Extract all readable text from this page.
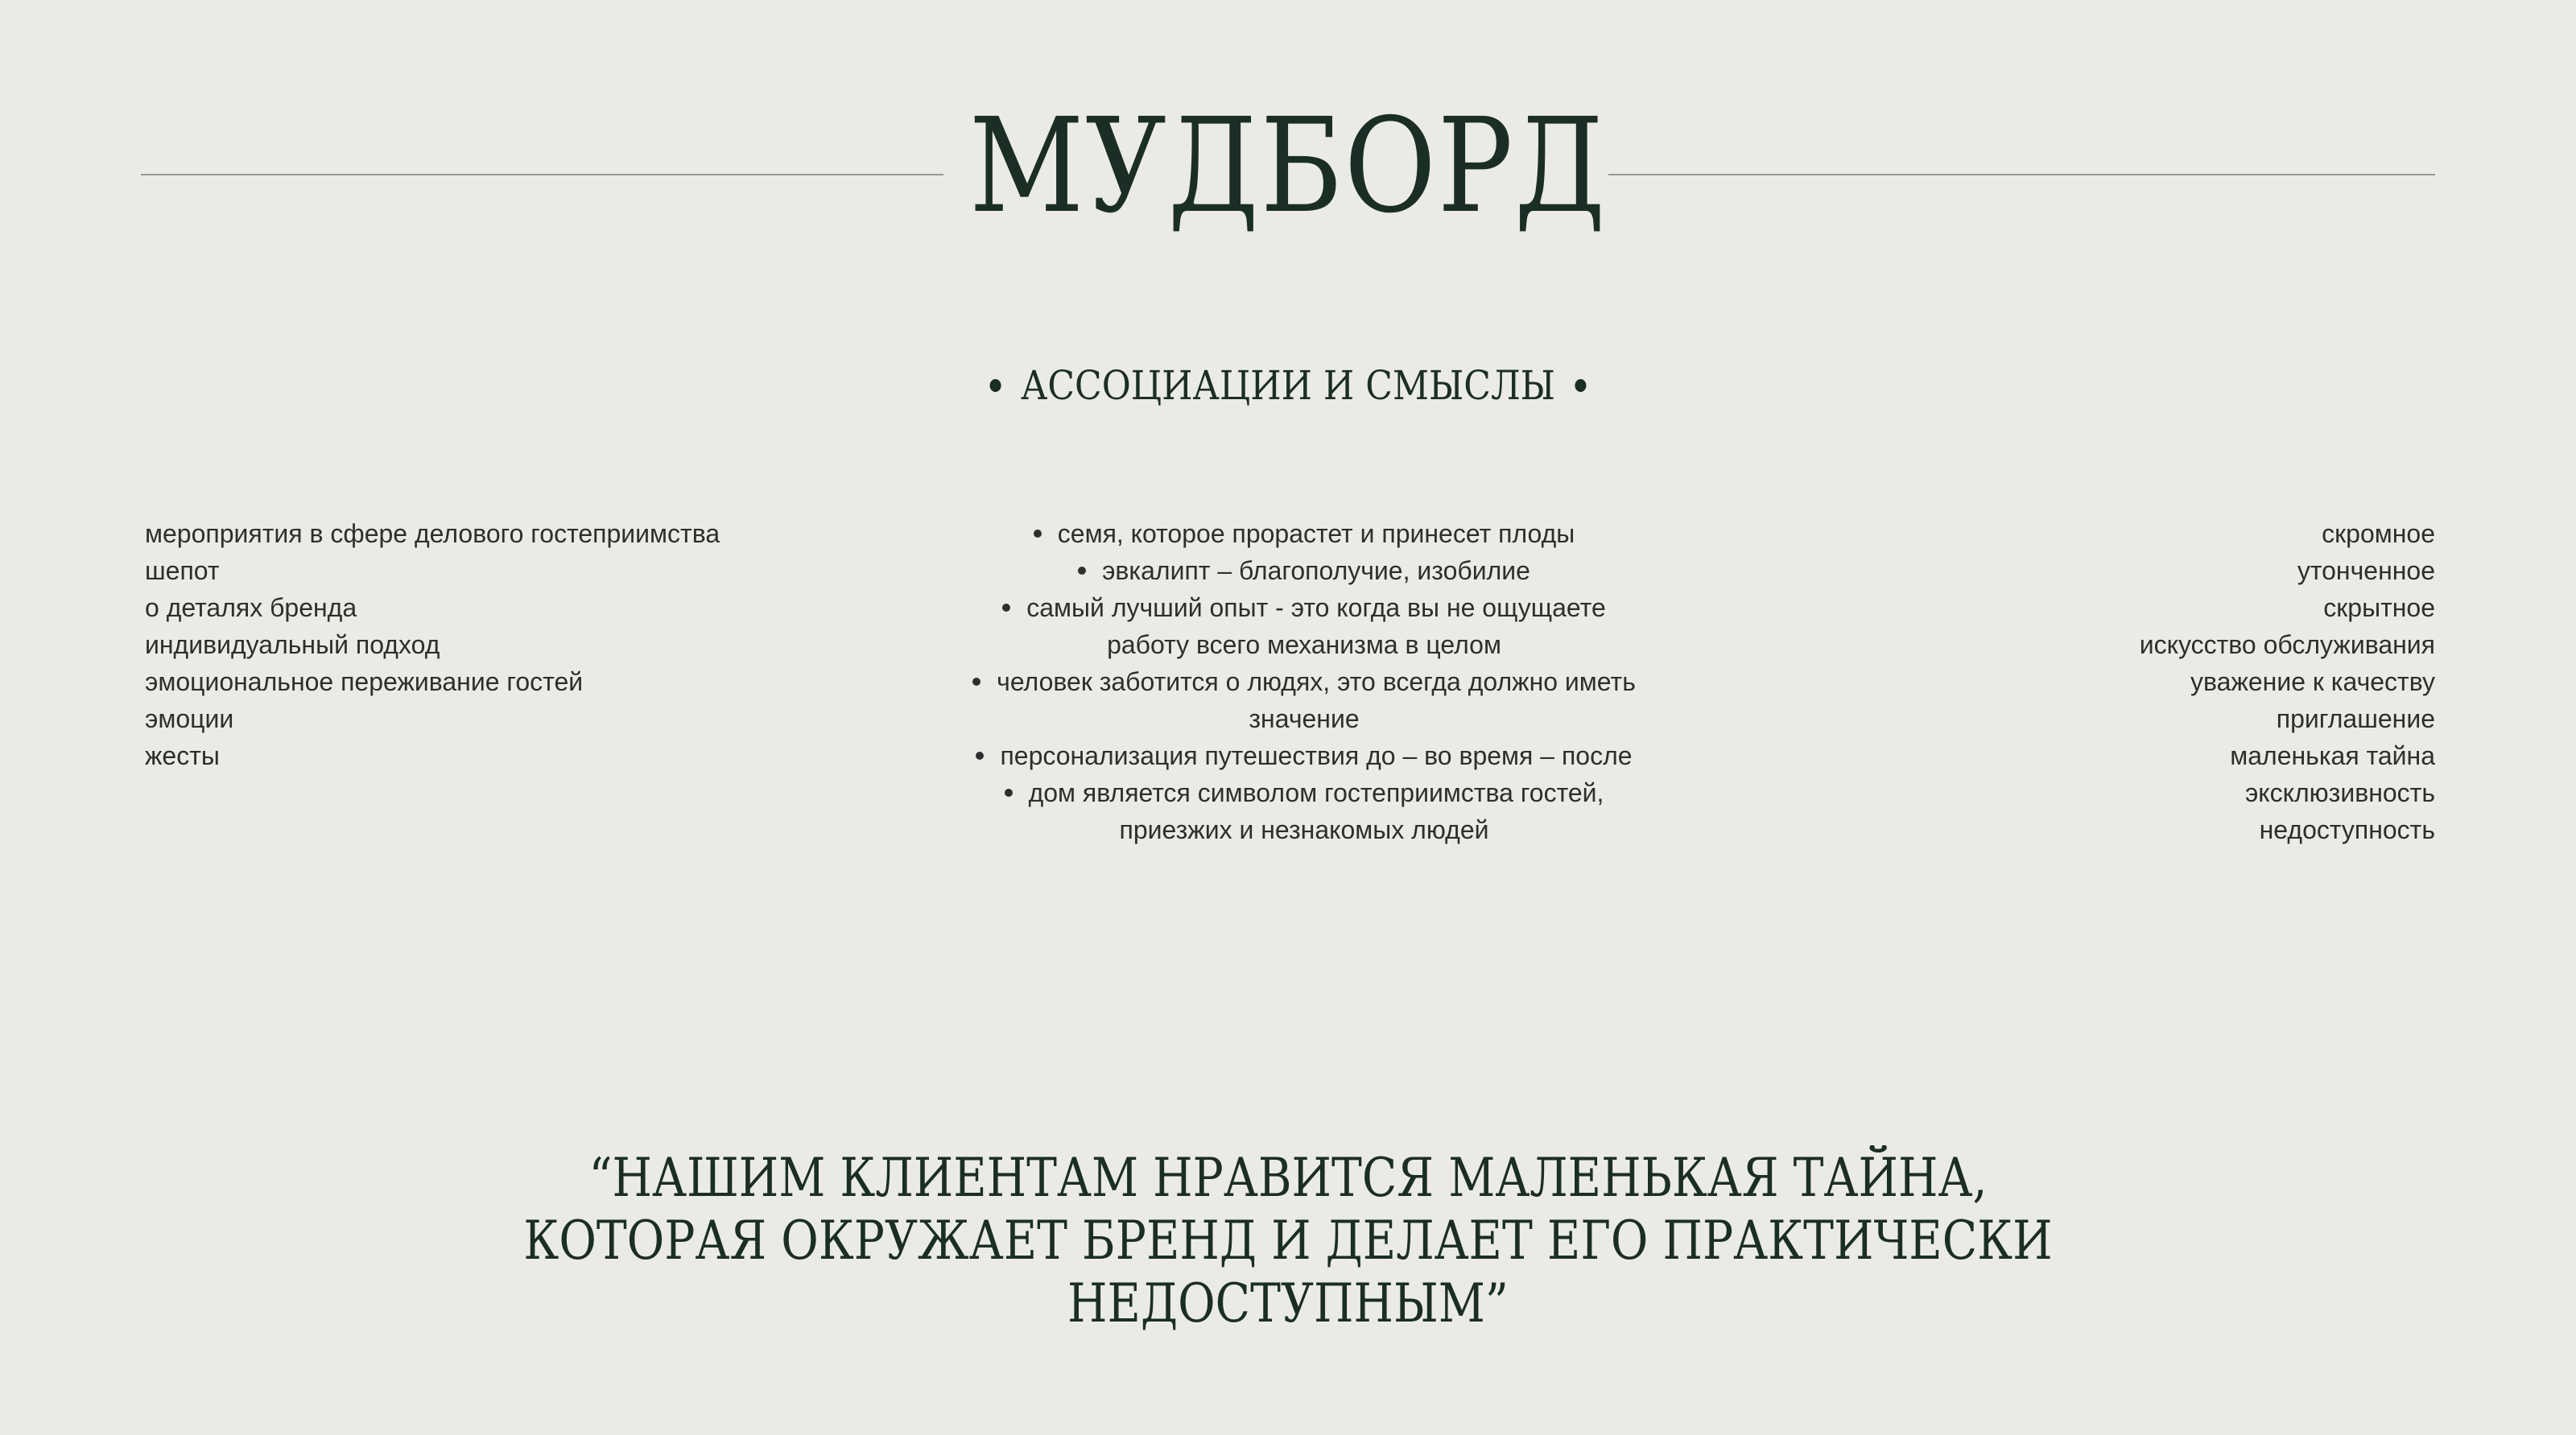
МУДБОРД
АССОЦИАЦИИ И СМЫСЛЫ
мероприятия в сфере делового гостеприимства
шепот
о деталях бренда
индивидуальный подход
эмоциональное переживание гостей
эмоции
жесты
семя, которое прорастет и принесет плоды
эвкалипт – благополучие, изобилие
самый лучший опыт - это когда вы не ощущаете работу всего механизма в целом
человек заботится о людях, это всегда должно иметь значение
персонализация путешествия до – во время – после
дом является символом гостеприимства гостей, приезжих и незнакомых людей
скромное
утонченное
скрытное
искусство обслуживания
уважение к качеству
приглашение
маленькая тайна
эксклюзивность
недоступность
“НАШИМ КЛИЕНТАМ НРАВИТСЯ МАЛЕНЬКАЯ ТАЙНА,
КОТОРАЯ ОКРУЖАЕТ БРЕНД И ДЕЛАЕТ ЕГО ПРАКТИЧЕСКИ
НЕДОСТУПНЫМ”
